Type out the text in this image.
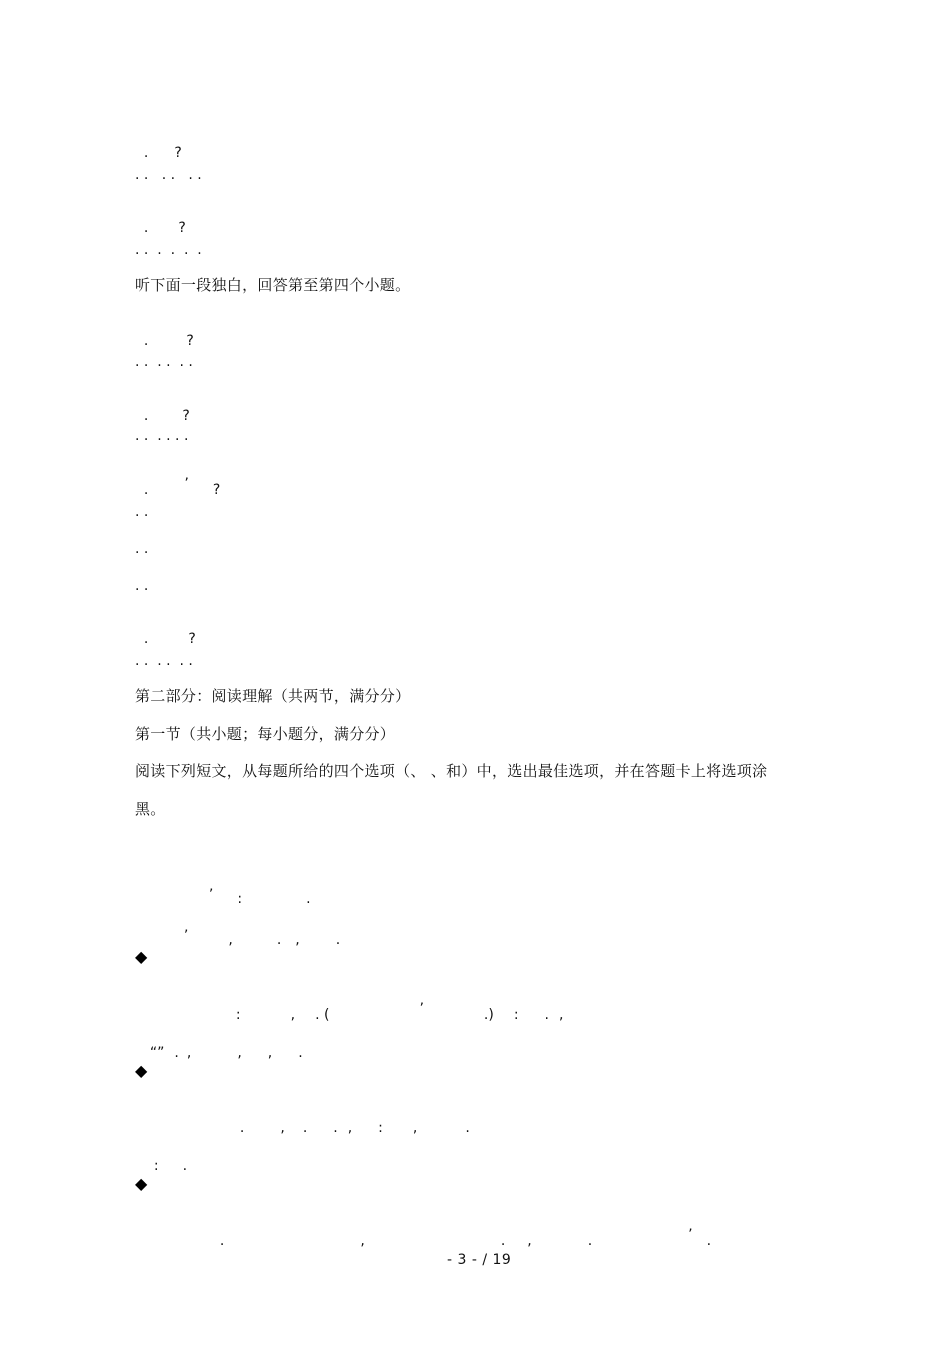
. ?

. .   . .   . .

. ?

. .  .  .  .  .
听下面一段独白，回答第至第四个小题。

.	?

. .  . .  . .

. ?

. .  . . . .

.	’ ?

. .
. .
. .

.	?

. .  . .  . .
第二部分：阅读理解（共两节，满分分）
第一节（共小题；每小题分，满分分）
阅读下列短文，从每题所给的四个选项（、 、和）中，选出最佳选项，并在答题卡上将选项涂
黑。

’ :	.

’	,	. ,	.

◆

:	, . (	’	.) : . ,

“” . ,	, , .

◆

.	, . . , : ,	.

: .

◆

.	,	. ,	.	’ .

- 3 - / 19
